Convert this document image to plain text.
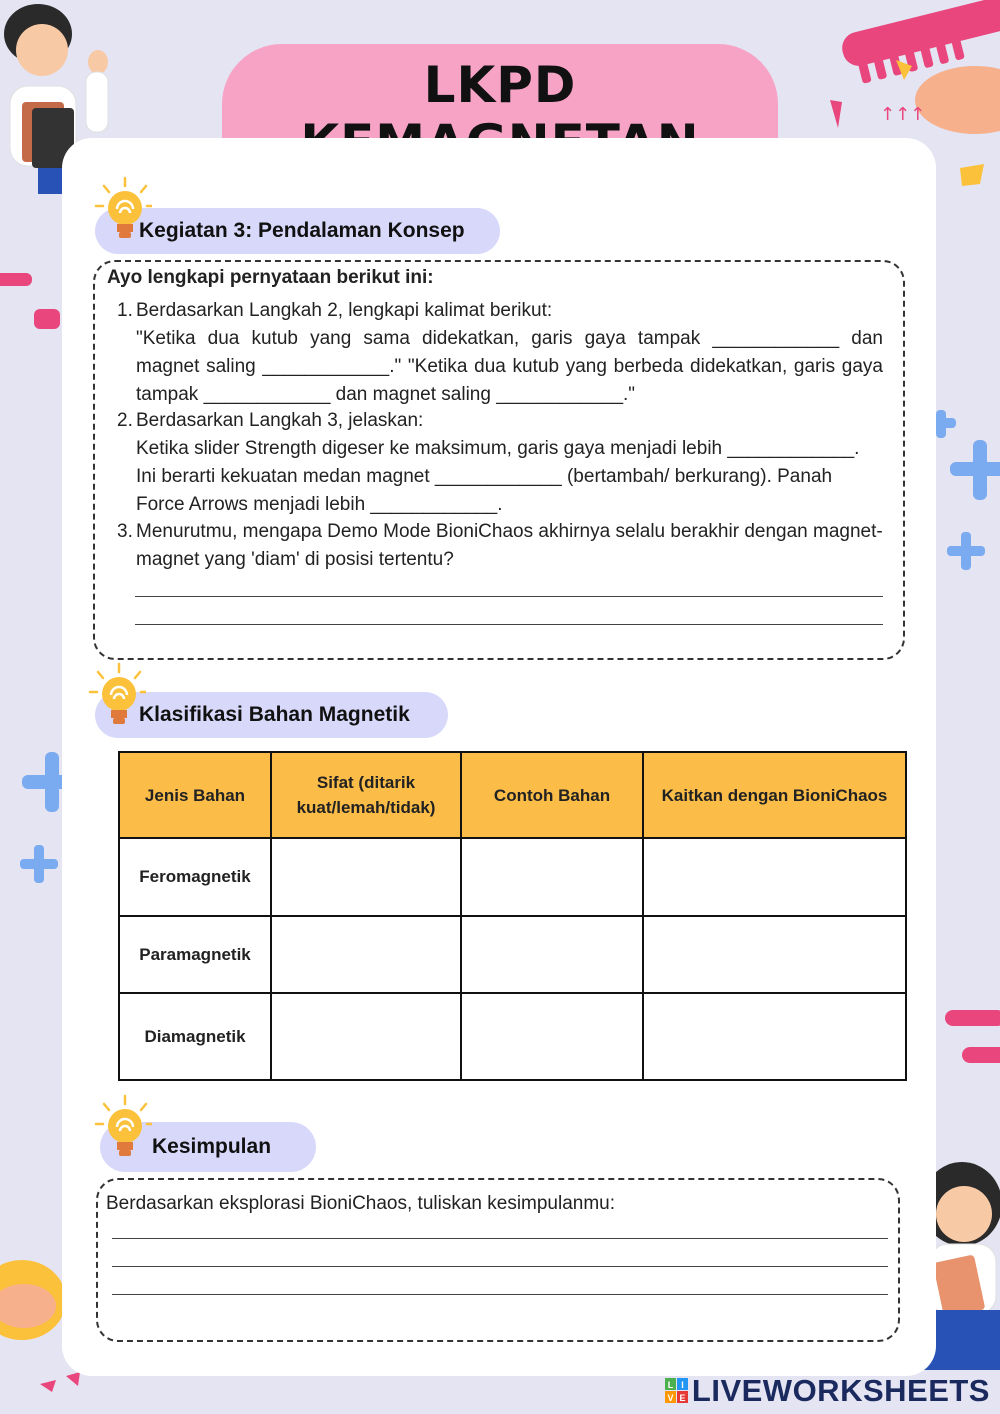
↑↑↑
LKPD
Kegiatan 3: Pendalaman Konsep
Ayo lengkapi pernyataan berikut ini:
1. Berdasarkan Langkah 2, lengkapi kalimat berikut:

"Ketika dua kutub yang sama didekatkan, garis gaya tampak ____________ dan magnet saling ____________." "Ketika dua kutub yang berbeda didekatkan, garis gaya tampak ____________ dan magnet saling ____________."

2. Berdasarkan Langkah 3, jelaskan:

Ketika slider Strength digeser ke maksimum, garis gaya menjadi lebih ____________. Ini berarti kekuatan medan magnet ____________ (bertambah/ berkurang). Panah Force Arrows menjadi lebih ____________.

3. Menurutmu, mengapa Demo Mode BioniChaos akhirnya selalu berakhir dengan magnet-magnet yang 'diam' di posisi tertentu?

Klasifikasi Bahan Magnetik
Jenis Bahan	Sifat (ditarik kuat/lemah/tidak)	Contoh Bahan	Kaitkan dengan BioniChaos
Feromagnetik			
Paramagnetik			
Diamagnetik			
Kesimpulan
Berdasarkan eksplorasi BioniChaos, tuliskan kesimpulanmu:
L I
V E LIVEWORKSHEETS
